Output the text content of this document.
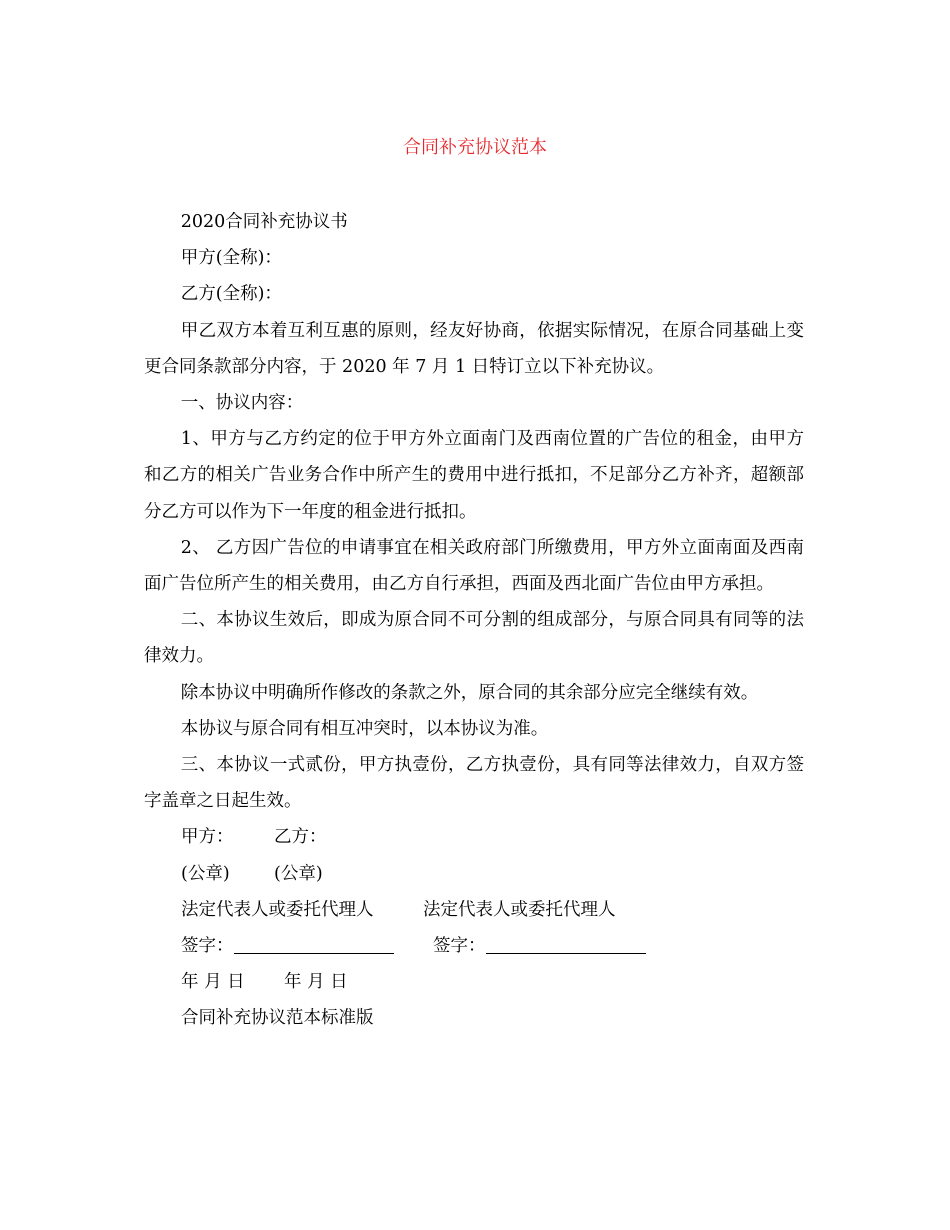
合同补充协议范本

2020合同补充协议书

甲方(全称)：

乙方(全称)：

甲乙双方本着互利互惠的原则，经友好协商，依据实际情况，在原合同基础上变更合同条款部分内容，于 2020 年 7 月 1 日特订立以下补充协议。

一、协议内容：

1、甲方与乙方约定的位于甲方外立面南门及西南位置的广告位的租金，由甲方和乙方的相关广告业务合作中所产生的费用中进行抵扣，不足部分乙方补齐，超额部分乙方可以作为下一年度的租金进行抵扣。

2、 乙方因广告位的申请事宜在相关政府部门所缴费用，甲方外立面南面及西南面广告位所产生的相关费用，由乙方自行承担，西面及西北面广告位由甲方承担。

二、本协议生效后，即成为原合同不可分割的组成部分，与原合同具有同等的法律效力。

除本协议中明确所作修改的条款之外，原合同的其余部分应完全继续有效。

本协议与原合同有相互冲突时，以本协议为准。

三、本协议一式贰份，甲方执壹份，乙方执壹份，具有同等法律效力，自双方签字盖章之日起生效。

甲方：	乙方：
(公章)	(公章)
法定代表人或委托代理人	法定代表人或委托代理人
签字：	签字：
年 月 日	年 月 日
合同补充协议范本标准版
